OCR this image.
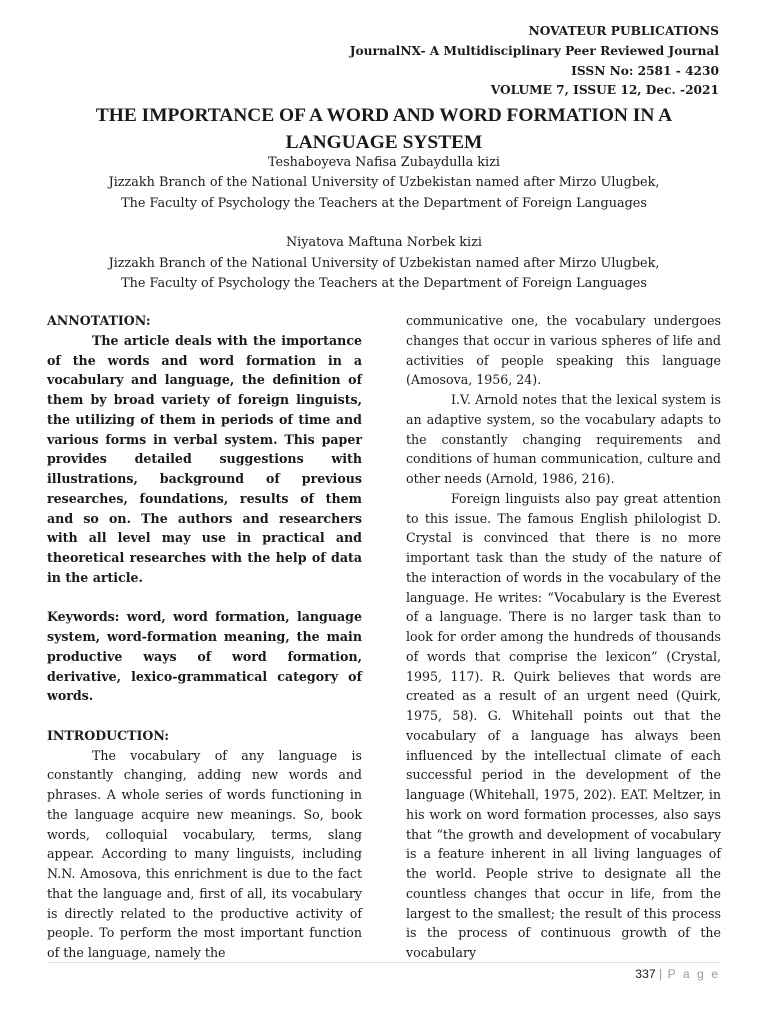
NOVATEUR PUBLICATIONS
JournalNX- A Multidisciplinary Peer Reviewed Journal
ISSN No: 2581 - 4230
VOLUME 7, ISSUE 12, Dec. -2021
THE IMPORTANCE OF A WORD AND WORD FORMATION IN A
LANGUAGE SYSTEM
Teshaboyeva Nafisa Zubaydulla kizi
Jizzakh Branch of the National University of Uzbekistan named after Mirzo Ulugbek,
The Faculty of Psychology the Teachers at the Department of Foreign Languages
Niyatova Maftuna Norbek kizi
Jizzakh Branch of the National University of Uzbekistan named after Mirzo Ulugbek,
The Faculty of Psychology the Teachers at the Department of Foreign Languages

ANNOTATION:

The article deals with the importance of the words and word formation in a vocabulary and language, the definition of them by broad variety of foreign linguists, the utilizing of them in periods of time and various forms in verbal system. This paper provides detailed suggestions with illustrations, background of previous researches, foundations, results of them and so on. The authors and researchers with all level may use in practical and theoretical researches with the help of data in the article.

Keywords: word, word formation, language system, word-formation meaning, the main productive ways of word formation, derivative, lexico-grammatical category of words.

INTRODUCTION:

The vocabulary of any language is constantly changing, adding new words and phrases. A whole series of words functioning in the language acquire new meanings. So, book words, colloquial vocabulary, terms, slang appear. According to many linguists, including N.N. Amosova, this enrichment is due to the fact that the language and, first of all, its vocabulary is directly related to the productive activity of people. To perform the most important function of the language, namely the

communicative one, the vocabulary undergoes changes that occur in various spheres of life and activities of people speaking this language (Amosova, 1956, 24).

I.V. Arnold notes that the lexical system is an adaptive system, so the vocabulary adapts to the constantly changing requirements and conditions of human communication, culture and other needs (Arnold, 1986, 216).

Foreign linguists also pay great attention to this issue. The famous English philologist D. Crystal is convinced that there is no more important task than the study of the nature of the interaction of words in the vocabulary of the language. He writes: “Vocabulary is the Everest of a language. There is no larger task than to look for order among the hundreds of thousands of words that comprise the lexicon” (Crystal, 1995, 117). R. Quirk believes that words are created as a result of an urgent need (Quirk, 1975, 58). G. Whitehall points out that the vocabulary of a language has always been influenced by the intellectual climate of each successful period in the development of the language (Whitehall, 1975, 202). EAT. Meltzer, in his work on word formation processes, also says that “the growth and development of vocabulary is a feature inherent in all living languages of the world. People strive to designate all the countless changes that occur in life, from the largest to the smallest; the result of this process is the process of continuous growth of the vocabulary

337 | P a g e
